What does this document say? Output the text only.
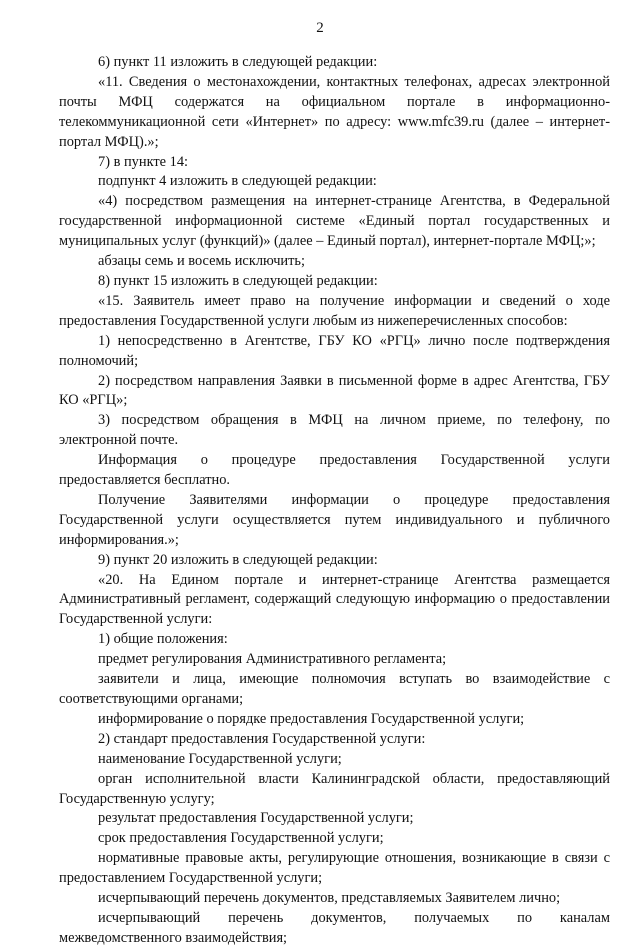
2

6) пункт 11 изложить в следующей редакции:

«11. Сведения о местонахождении, контактных телефонах, адресах электронной почты МФЦ содержатся на официальном портале в информационно-телекоммуникационной сети «Интернет» по адресу: www.mfc39.ru (далее – интернет-портал МФЦ).»;

7) в пункте 14:

подпункт 4 изложить в следующей редакции:

«4) посредством размещения на интернет-странице Агентства, в Федеральной государственной информационной системе «Единый портал государственных и муниципальных услуг (функций)» (далее – Единый портал), интернет-портале МФЦ;»;

абзацы семь и восемь исключить;

8) пункт 15 изложить в следующей редакции:

«15. Заявитель имеет право на получение информации и сведений о ходе предоставления Государственной услуги любым из нижеперечисленных способов:

1) непосредственно в Агентстве, ГБУ КО «РГЦ» лично после подтверждения полномочий;

2) посредством направления Заявки в письменной форме в адрес Агентства, ГБУ КО «РГЦ»;

3) посредством обращения в МФЦ на личном приеме, по телефону, по электронной почте.

Информация о процедуре предоставления Государственной услуги предоставляется бесплатно.

Получение Заявителями информации о процедуре предоставления Государственной услуги осуществляется путем индивидуального и публичного информирования.»;

9) пункт 20 изложить в следующей редакции:

«20. На Едином портале и интернет-странице Агентства размещается Административный регламент, содержащий следующую информацию о предоставлении Государственной услуги:

1) общие положения:

предмет регулирования Административного регламента;

заявители и лица, имеющие полномочия вступать во взаимодействие с соответствующими органами;

информирование о порядке предоставления Государственной услуги;

2) стандарт предоставления Государственной услуги:

наименование Государственной услуги;

орган исполнительной власти Калининградской области, предоставляющий Государственную услугу;

результат предоставления Государственной услуги;

срок предоставления Государственной услуги;

нормативные правовые акты, регулирующие отношения, возникающие в связи с предоставлением Государственной услуги;

исчерпывающий перечень документов, представляемых Заявителем лично;

исчерпывающий перечень документов, получаемых по каналам межведомственного взаимодействия;
